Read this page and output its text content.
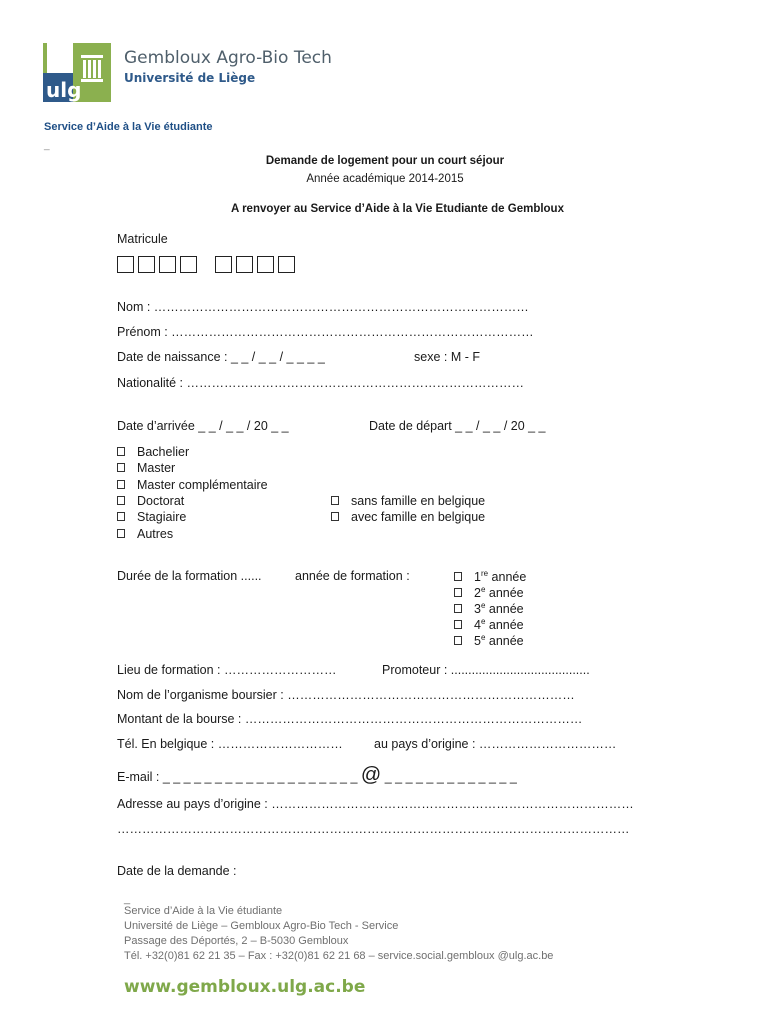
ulg
Gembloux Agro-Bio Tech
Université de Liège
Service d’Aide à la Vie étudiante
_
Demande de logement pour un court séjour
Année académique 2014-2015
A renvoyer au Service d’Aide à la Vie Etudiante de Gembloux
Matricule
Nom : ………………………………………………………………………………
Prénom : ……………………………………………………………………………
Date de naissance : _ _ / _ _ / _ _ _ _	sexe : M - F
Nationalité : ………………………………………………………………………
Date d’arrivée _ _ / _ _ / 20 _ _	Date de départ _ _ / _ _ / 20 _ _
Bachelier
Master
Master complémentaire
Doctorat
Stagiaire
Autres
sans famille en belgique
avec famille en belgique
Durée de la formation ......	année de formation :	1re année
2e année
3e année
4e année
5e année
Lieu de formation : ………………………	Promoteur : ........................................
Nom de l’organisme boursier : ……………………………………………………………
Montant de la bourse : ………………………………………………………………………
Tél. En belgique : ………………………… au pays d’origine : ……………………………
E-mail : _ _ _ _ _ _ _ _ _ _ _ _ _ _ _ _ _ _ _ @ _ _ _ _ _ _ _ _ _ _ _ _ _
Adresse au pays d’origine : ……………………………………………………………………………
……………………………………………………………………………………………………………
Date de la demande :
_
Service d’Aide à la Vie étudiante
Université de Liège – Gembloux Agro-Bio Tech - Service
Passage des Déportés, 2 – B-5030 Gembloux
Tél. +32(0)81 62 21 35 – Fax : +32(0)81 62 21 68 – service.social.gembloux @ulg.ac.be
www.gembloux.ulg.ac.be
